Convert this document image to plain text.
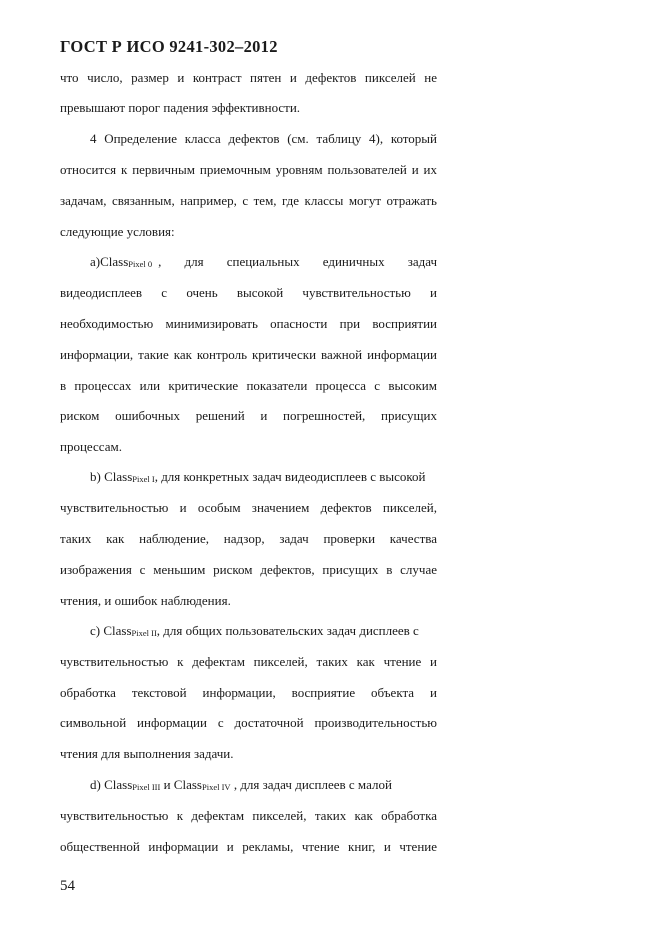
ГОСТ Р ИСО 9241-302–2012
что число, размер и контраст пятен и дефектов пикселей не
превышают порог падения эффективности.
4 Определение класса дефектов (см. таблицу 4), который
относится к первичным приемочным уровням пользователей и их
задачам, связанным, например, с тем, где классы могут отражать
следующие условия:
a) ClassPixel 0 , для специальных единичных задач
видеодисплеев с очень высокой чувствительностью и
необходимостью минимизировать опасности при восприятии
информации, такие как контроль критически важной информации
в процессах или критические показатели процесса с высоким
риском ошибочных решений и погрешностей, присущих
процессам.
b) ClassPixel I, для конкретных задач видеодисплеев с высокой
чувствительностью и особым значением дефектов пикселей,
таких как наблюдение, надзор, задач проверки качества
изображения с меньшим риском дефектов, присущих в случае
чтения, и ошибок наблюдения.
c) ClassPixel II, для общих пользовательских задач дисплеев с
чувствительностью к дефектам пикселей, таких как чтение и
обработка текстовой информации, восприятие объекта и
символьной информации с достаточной производительностью
чтения для выполнения задачи.
d) ClassPixel III и ClassPixel IV , для задач дисплеев с малой
чувствительностью к дефектам пикселей, таких как обработка
общественной информации и рекламы, чтение книг, и чтение
54
